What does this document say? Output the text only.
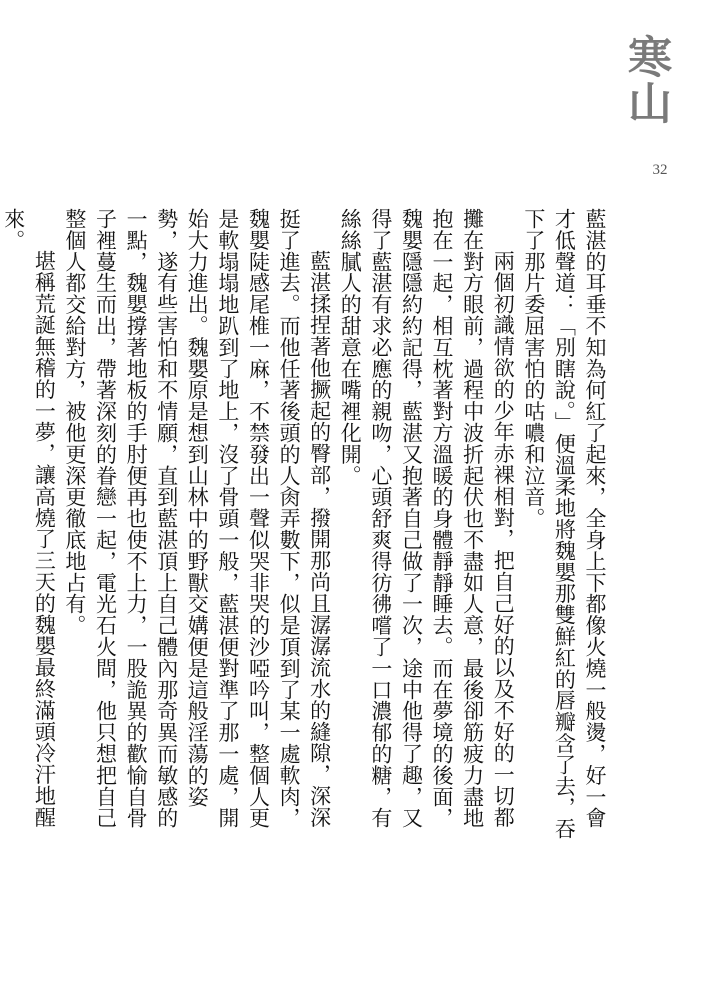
寒山
32

藍湛的耳垂不知為何紅了起來，全身上下都像火燒一般燙，好一會才低聲道：「別瞎說。」便溫柔地將魏嬰那雙鮮紅的唇瓣含了去，吞下了那片委屈害怕的咕噥和泣音。

兩個初識情欲的少年赤裸相對，把自己好的以及不好的一切都攤在對方眼前，過程中波折起伏也不盡如人意，最後卻筋疲力盡地抱在一起，相互枕著對方溫暖的身體靜靜睡去。而在夢境的後面，魏嬰隱隱約約記得，藍湛又抱著自己做了一次，途中他得了趣，又得了藍湛有求必應的親吻，心頭舒爽得彷彿嚐了一口濃郁的糖，有絲絲膩人的甜意在嘴裡化開。

藍湛揉捏著他撅起的臀部，撥開那尚且潺潺流水的縫隙，深深挺了進去。而他任著後頭的人肏弄數下，似是頂到了某一處軟肉，魏嬰陡感尾椎一麻，不禁發出一聲似哭非哭的沙啞吟叫，整個人更是軟塌塌地趴到了地上，沒了骨頭一般，藍湛便對準了那一處，開始大力進出。魏嬰原是想到山林中的野獸交媾便是這般淫蕩的姿勢，遂有些害怕和不情願，直到藍湛頂上自己體內那奇異而敏感的一點，魏嬰撐著地板的手肘便再也使不上力，一股詭異的歡愉自骨子裡蔓生而出，帶著深刻的眷戀一起，電光石火間，他只想把自己整個人都交給對方，被他更深更徹底地占有。

堪稱荒誕無稽的一夢，讓高燒了三天的魏嬰最終滿頭冷汗地醒來。
